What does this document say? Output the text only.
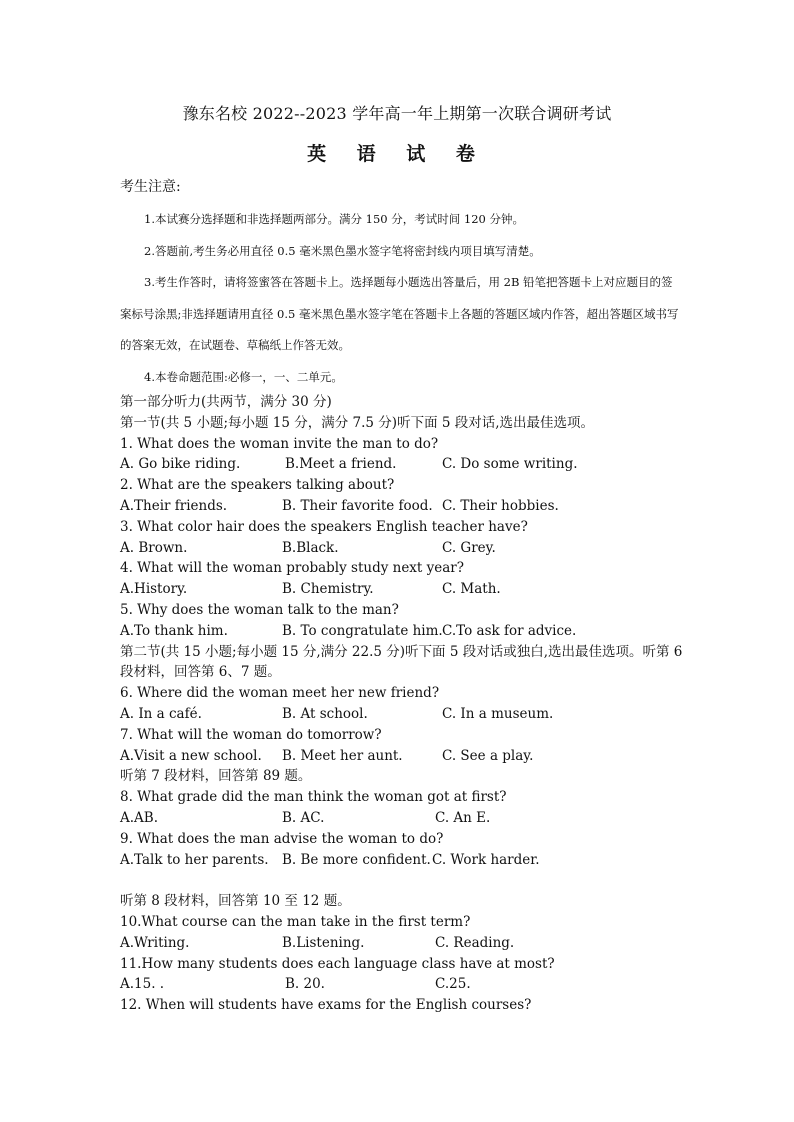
豫东名校 2022--2023 学年高一年上期第一次联合调研考试
英 语 试 卷
考生注意:

1.本试赛分选择题和非选择题两部分。满分 150 分，考试时间 120 分钟。

2.答题前,考生务必用直径 0.5 毫米黑色墨水签字笔将密封线内项目填写清楚。

3.考生作答时，请将签蜜答在答题卡上。选择题每小题选出答量后，用 2B 铅笔把答题卡上对应题目的签案标号涂黑;非选择题请用直径 0.5 毫米黑色墨水签字笔在答题卡上各题的答题区域内作答，超出答题区域书写的答案无效，在试题卷、草稿纸上作答无效。

4.本卷命题范围:必修一，一、二单元。

第一部分听力(共两节，满分 30 分)

第一节(共 5 小题;每小题 15 分，满分 7.5 分)听下面 5 段对话,选出最佳选项。

1. What does the woman invite the man to do?

A. Go bike riding.	B.Meet a friend.	C. Do some writing.

2. What are the speakers talking about?

A.Their friends.	B. Their favorite food. C. Their hobbies.

3. What color hair does the speakers English teacher have?

A. Brown.	B.Black.	C. Grey.

4. What will the woman probably study next year?

A.History.	B. Chemistry.	C. Math.

5. Why does the woman talk to the man?

A.To thank him.	B. To congratulate him. C.To ask for advice.

第二节(共 15 小题;每小题 15 分,满分 22.5 分)听下面 5 段对话或独白,选出最佳选项。听第 6 段材料，回答第 6、7 题。

6. Where did the woman meet her new friend?

A. In a café.	B. At school.	C. In a museum.

7. What will the woman do tomorrow?

A.Visit a new school. B. Meet her aunt.	C. See a play.

听第 7 段材料，回答第 89 题。

8. What grade did the man think the woman got at first?

A.AB.	B. AC.	C. An E.

9. What does the man advise the woman to do?

A.Talk to her parents. B. Be more confident. C. Work harder.

听第 8 段材料，回答第 10 至 12 题。

10.What course can the man take in the first term?

A.Writing.	B.Listening.	C. Reading.

11.How many students does each language class have at most?

A.15. .	B. 20.	C.25.

12. When will students have exams for the English courses?
